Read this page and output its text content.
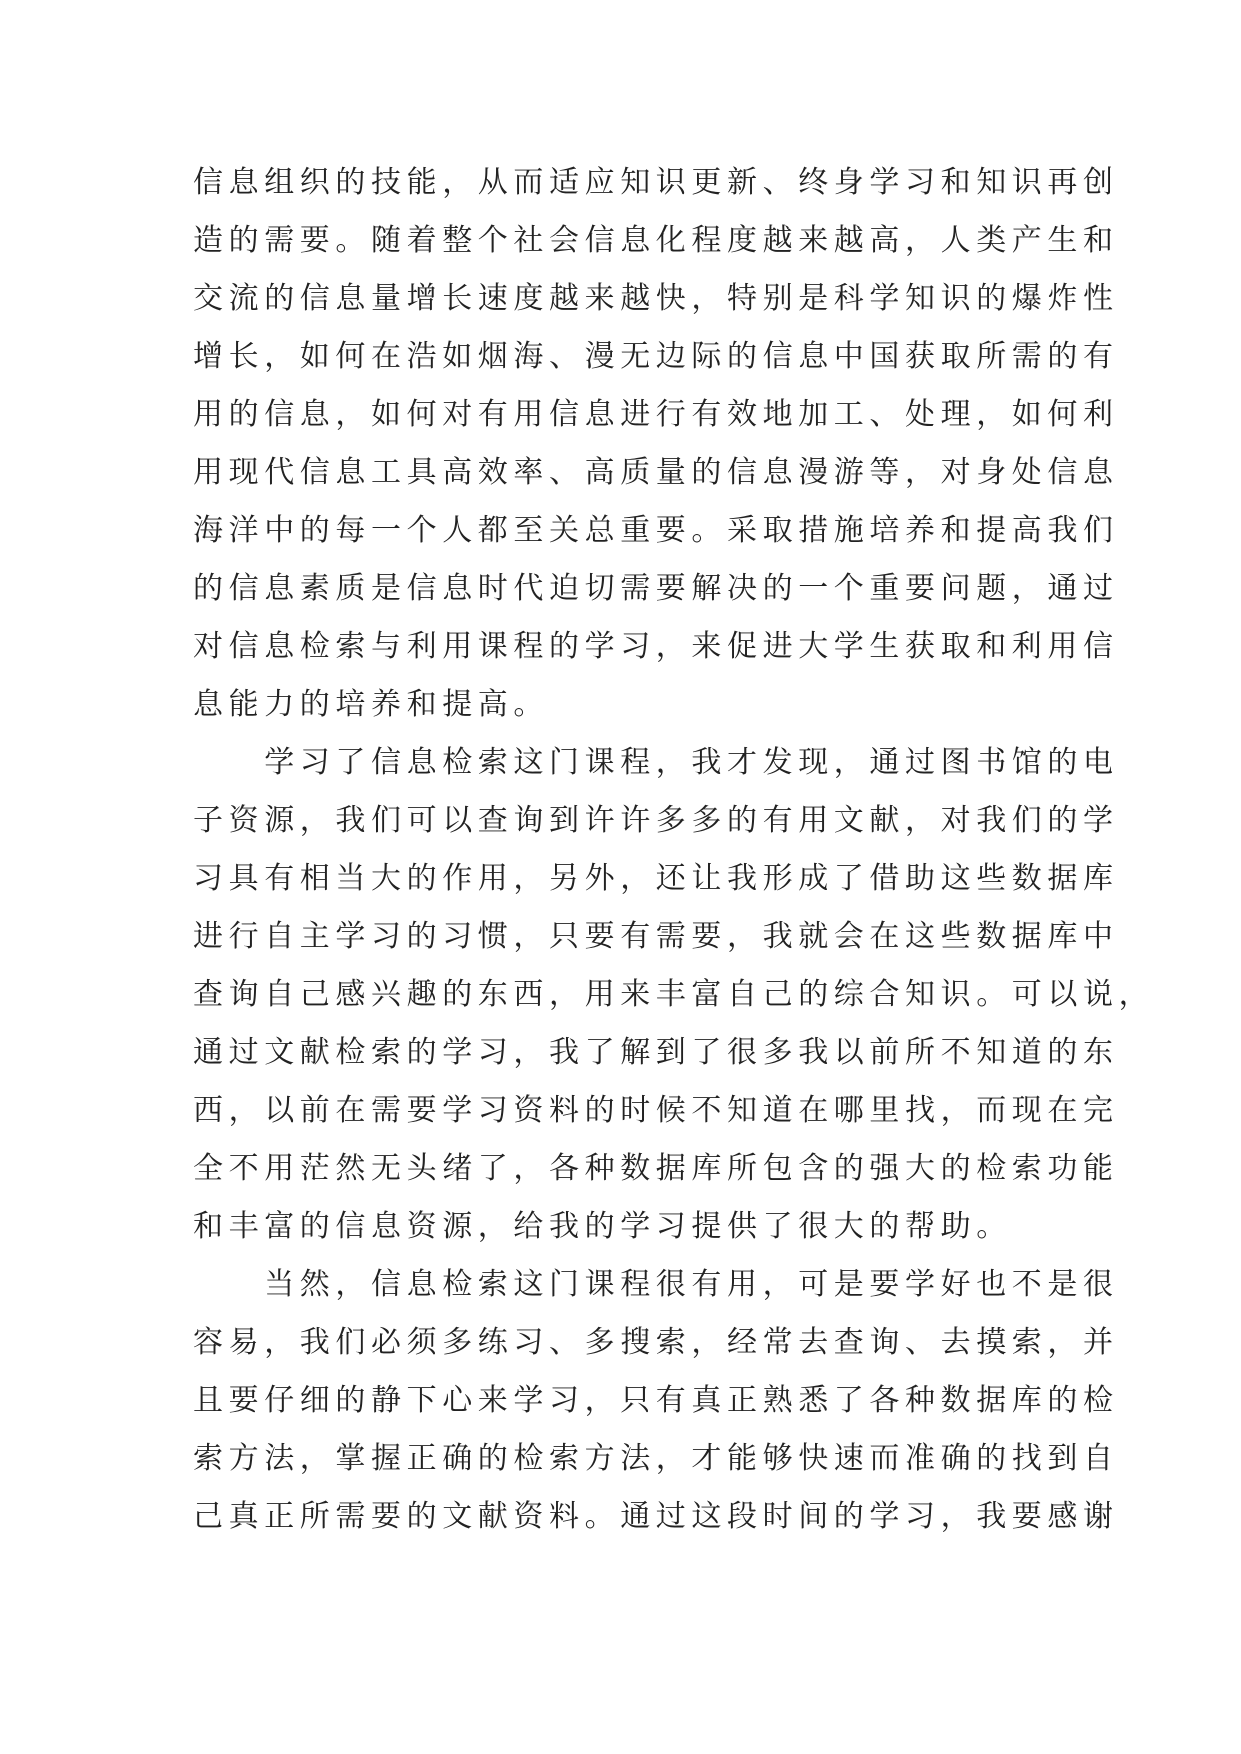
信息组织的技能，从而适应知识更新、终身学习和知识再创
造的需要。随着整个社会信息化程度越来越高，人类产生和
交流的信息量增长速度越来越快，特别是科学知识的爆炸性
增长，如何在浩如烟海、漫无边际的信息中国获取所需的有
用的信息，如何对有用信息进行有效地加工、处理，如何利
用现代信息工具高效率、高质量的信息漫游等，对身处信息
海洋中的每一个人都至关总重要。采取措施培养和提高我们
的信息素质是信息时代迫切需要解决的一个重要问题，通过
对信息检索与利用课程的学习，来促进大学生获取和利用信
息能力的培养和提高。
　　学习了信息检索这门课程，我才发现，通过图书馆的电
子资源，我们可以查询到许许多多的有用文献，对我们的学
习具有相当大的作用，另外，还让我形成了借助这些数据库
进行自主学习的习惯，只要有需要，我就会在这些数据库中
查询自己感兴趣的东西，用来丰富自己的综合知识。可以说，
通过文献检索的学习，我了解到了很多我以前所不知道的东
西，以前在需要学习资料的时候不知道在哪里找，而现在完
全不用茫然无头绪了，各种数据库所包含的强大的检索功能
和丰富的信息资源，给我的学习提供了很大的帮助。
　　当然，信息检索这门课程很有用，可是要学好也不是很
容易，我们必须多练习、多搜索，经常去查询、去摸索，并
且要仔细的静下心来学习，只有真正熟悉了各种数据库的检
索方法，掌握正确的检索方法，才能够快速而准确的找到自
己真正所需要的文献资料。通过这段时间的学习，我要感谢
